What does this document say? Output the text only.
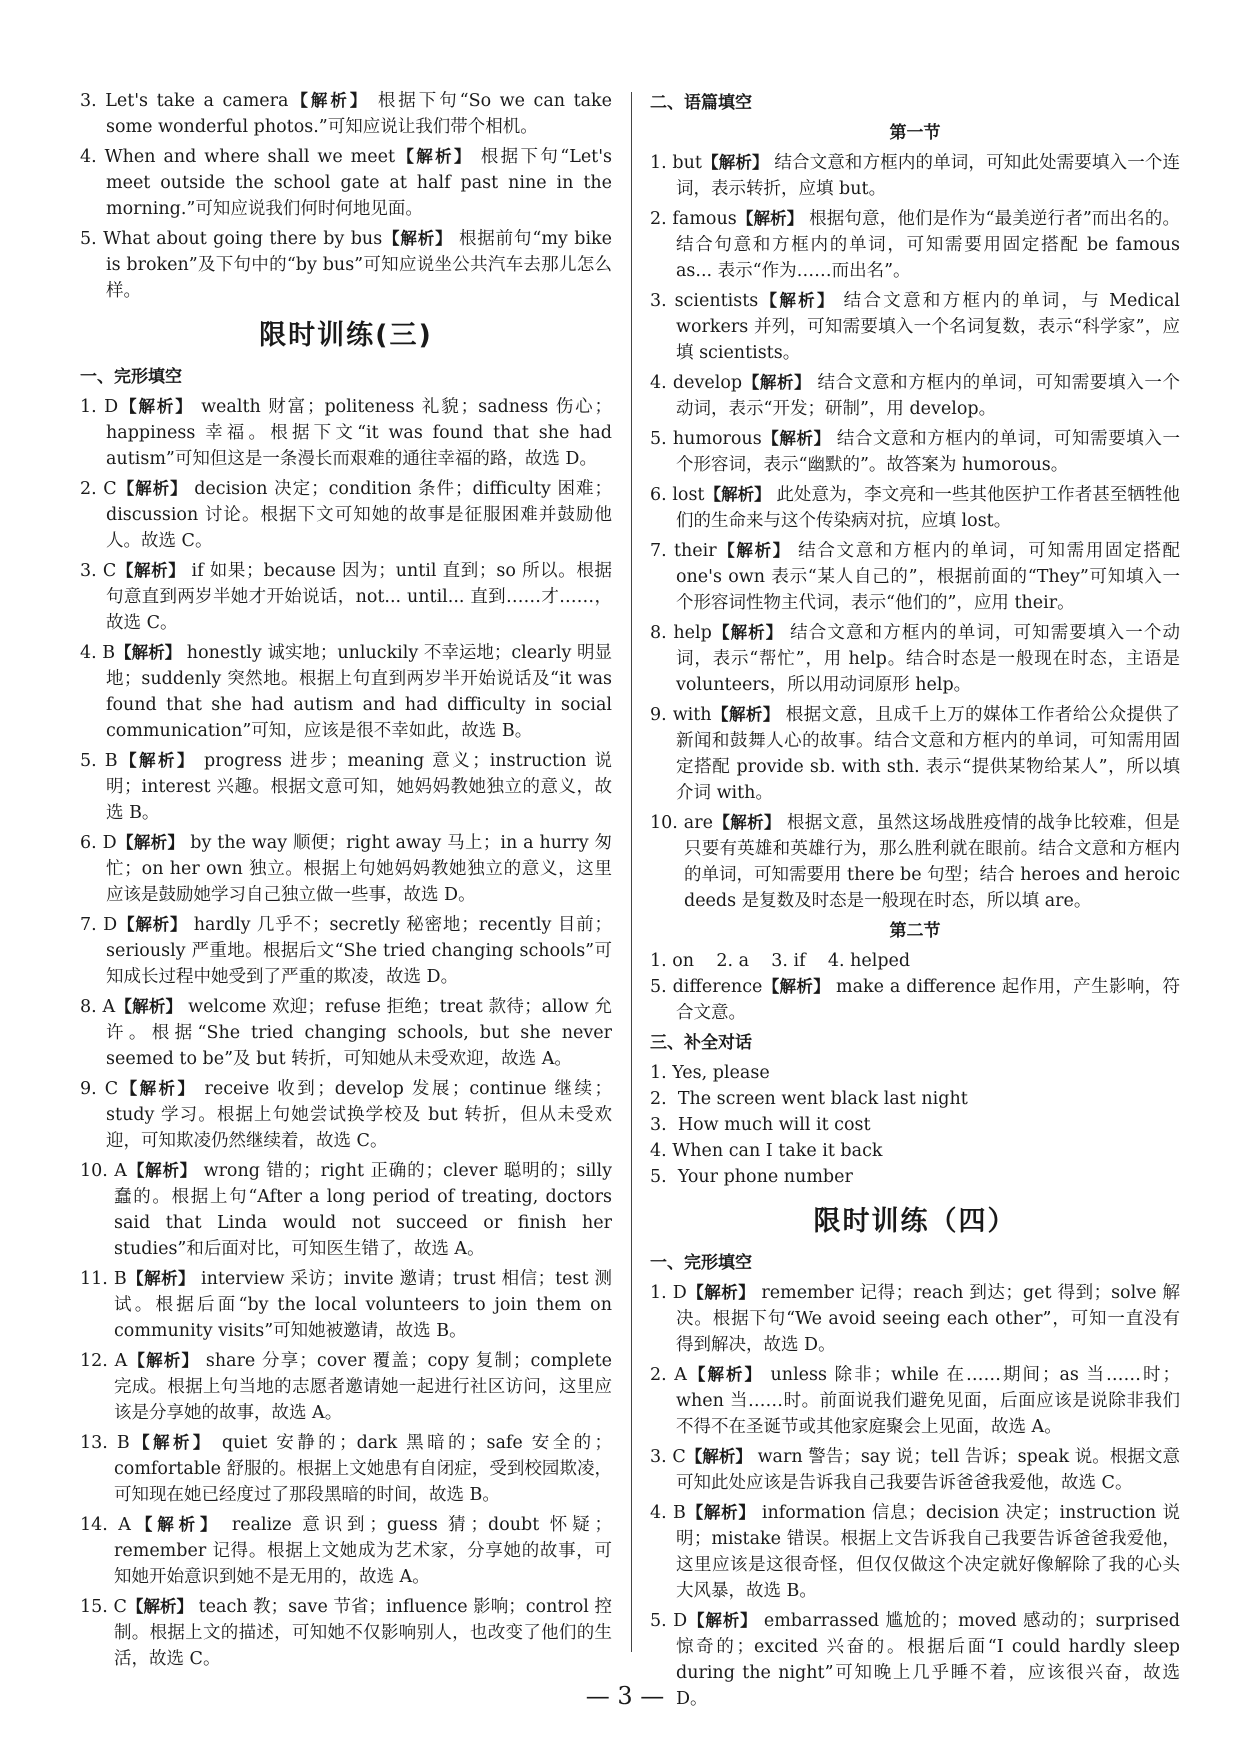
3. Let's take a camera【解析】 根据下句“So we can take some wonderful photos.”可知应说让我们带个相机。
4. When and where shall we meet【解析】 根据下句“Let's meet outside the school gate at half past nine in the morning.”可知应说我们何时何地见面。
5. What about going there by bus【解析】 根据前句“my bike is broken”及下句中的“by bus”可知应说坐公共汽车去那儿怎么样。
限时训练(三)
一、完形填空
1. D【解析】 wealth 财富；politeness 礼貌；sadness 伤心；happiness 幸福。根据下文“it was found that she had autism”可知但这是一条漫长而艰难的通往幸福的路，故选 D。
2. C【解析】 decision 决定；condition 条件；difficulty 困难；discussion 讨论。根据下文可知她的故事是征服困难并鼓励他人。故选 C。
3. C【解析】 if 如果；because 因为；until 直到；so 所以。根据句意直到两岁半她才开始说话，not... until... 直到……才……，故选 C。
4. B【解析】 honestly 诚实地；unluckily 不幸运地；clearly 明显地；suddenly 突然地。根据上句直到两岁半开始说话及“it was found that she had autism and had difficulty in social communication”可知，应该是很不幸如此，故选 B。
5. B【解析】 progress 进步；meaning 意义；instruction 说明；interest 兴趣。根据文意可知，她妈妈教她独立的意义，故选 B。
6. D【解析】 by the way 顺便；right away 马上；in a hurry 匆忙；on her own 独立。根据上句她妈妈教她独立的意义，这里应该是鼓励她学习自己独立做一些事，故选 D。
7. D【解析】 hardly 几乎不；secretly 秘密地；recently 目前；seriously 严重地。根据后文“She tried changing schools”可知成长过程中她受到了严重的欺凌，故选 D。
8. A【解析】 welcome 欢迎；refuse 拒绝；treat 款待；allow 允许。根据“She tried changing schools, but she never seemed to be”及 but 转折，可知她从未受欢迎，故选 A。
9. C【解析】 receive 收到；develop 发展；continue 继续；study 学习。根据上句她尝试换学校及 but 转折，但从未受欢迎，可知欺凌仍然继续着，故选 C。
10. A【解析】 wrong 错的；right 正确的；clever 聪明的；silly 蠢的。根据上句“After a long period of treating, doctors said that Linda would not succeed or finish her studies”和后面对比，可知医生错了，故选 A。
11. B【解析】 interview 采访；invite 邀请；trust 相信；test 测试。根据后面“by the local volunteers to join them on community visits”可知她被邀请，故选 B。
12. A【解析】 share 分享；cover 覆盖；copy 复制；complete 完成。根据上句当地的志愿者邀请她一起进行社区访问，这里应该是分享她的故事，故选 A。
13. B【解析】 quiet 安静的；dark 黑暗的；safe 安全的；comfortable 舒服的。根据上文她患有自闭症，受到校园欺凌，可知现在她已经度过了那段黑暗的时间，故选 B。
14. A【解析】 realize 意识到；guess 猜；doubt 怀疑；remember 记得。根据上文她成为艺术家，分享她的故事，可知她开始意识到她不是无用的，故选 A。
15. C【解析】 teach 教；save 节省；influence 影响；control 控制。根据上文的描述，可知她不仅影响别人，也改变了他们的生活，故选 C。
二、语篇填空
第一节
1. but【解析】 结合文意和方框内的单词，可知此处需要填入一个连词，表示转折，应填 but。
2. famous【解析】 根据句意，他们是作为“最美逆行者”而出名的。结合句意和方框内的单词，可知需要用固定搭配 be famous as... 表示“作为……而出名”。
3. scientists【解析】 结合文意和方框内的单词，与 Medical workers 并列，可知需要填入一个名词复数，表示“科学家”，应填 scientists。
4. develop【解析】 结合文意和方框内的单词，可知需要填入一个动词，表示“开发；研制”，用 develop。
5. humorous【解析】 结合文意和方框内的单词，可知需要填入一个形容词，表示“幽默的”。故答案为 humorous。
6. lost【解析】 此处意为，李文亮和一些其他医护工作者甚至牺牲他们的生命来与这个传染病对抗，应填 lost。
7. their【解析】 结合文意和方框内的单词，可知需用固定搭配 one's own 表示“某人自己的”，根据前面的“They”可知填入一个形容词性物主代词，表示“他们的”，应用 their。
8. help【解析】 结合文意和方框内的单词，可知需要填入一个动词，表示“帮忙”，用 help。结合时态是一般现在时态，主语是 volunteers，所以用动词原形 help。
9. with【解析】 根据文意，且成千上万的媒体工作者给公众提供了新闻和鼓舞人心的故事。结合文意和方框内的单词，可知需用固定搭配 provide sb. with sth. 表示“提供某物给某人”，所以填介词 with。
10. are【解析】 根据文意，虽然这场战胜疫情的战争比较难，但是只要有英雄和英雄行为，那么胜利就在眼前。结合文意和方框内的单词，可知需要用 there be 句型；结合 heroes and heroic deeds 是复数及时态是一般现在时态，所以填 are。
第二节
1. on    2. a    3. if    4. helped
5. difference【解析】 make a difference 起作用，产生影响，符合文意。
三、补全对话
1. Yes, please
2.  The screen went black last night
3.  How much will it cost
4. When can I take it back
5.  Your phone number
限时训练（四）
一、完形填空
1. D【解析】 remember 记得；reach 到达；get 得到；solve 解决。根据下句“We avoid seeing each other”，可知一直没有得到解决，故选 D。
2. A【解析】 unless 除非；while 在……期间；as 当……时；when 当……时。前面说我们避免见面，后面应该是说除非我们不得不在圣诞节或其他家庭聚会上见面，故选 A。
3. C【解析】 warn 警告；say 说；tell 告诉；speak 说。根据文意可知此处应该是告诉我自己我要告诉爸爸我爱他，故选 C。
4. B【解析】 information 信息；decision 决定；instruction 说明；mistake 错误。根据上文告诉我自己我要告诉爸爸我爱他，这里应该是这很奇怪，但仅仅做这个决定就好像解除了我的心头大风暴，故选 B。
5. D【解析】 embarrassed 尴尬的；moved 感动的；surprised 惊奇的；excited 兴奋的。根据后面“I could hardly sleep during the night”可知晚上几乎睡不着，应该很兴奋，故选 D。
— 3 —
